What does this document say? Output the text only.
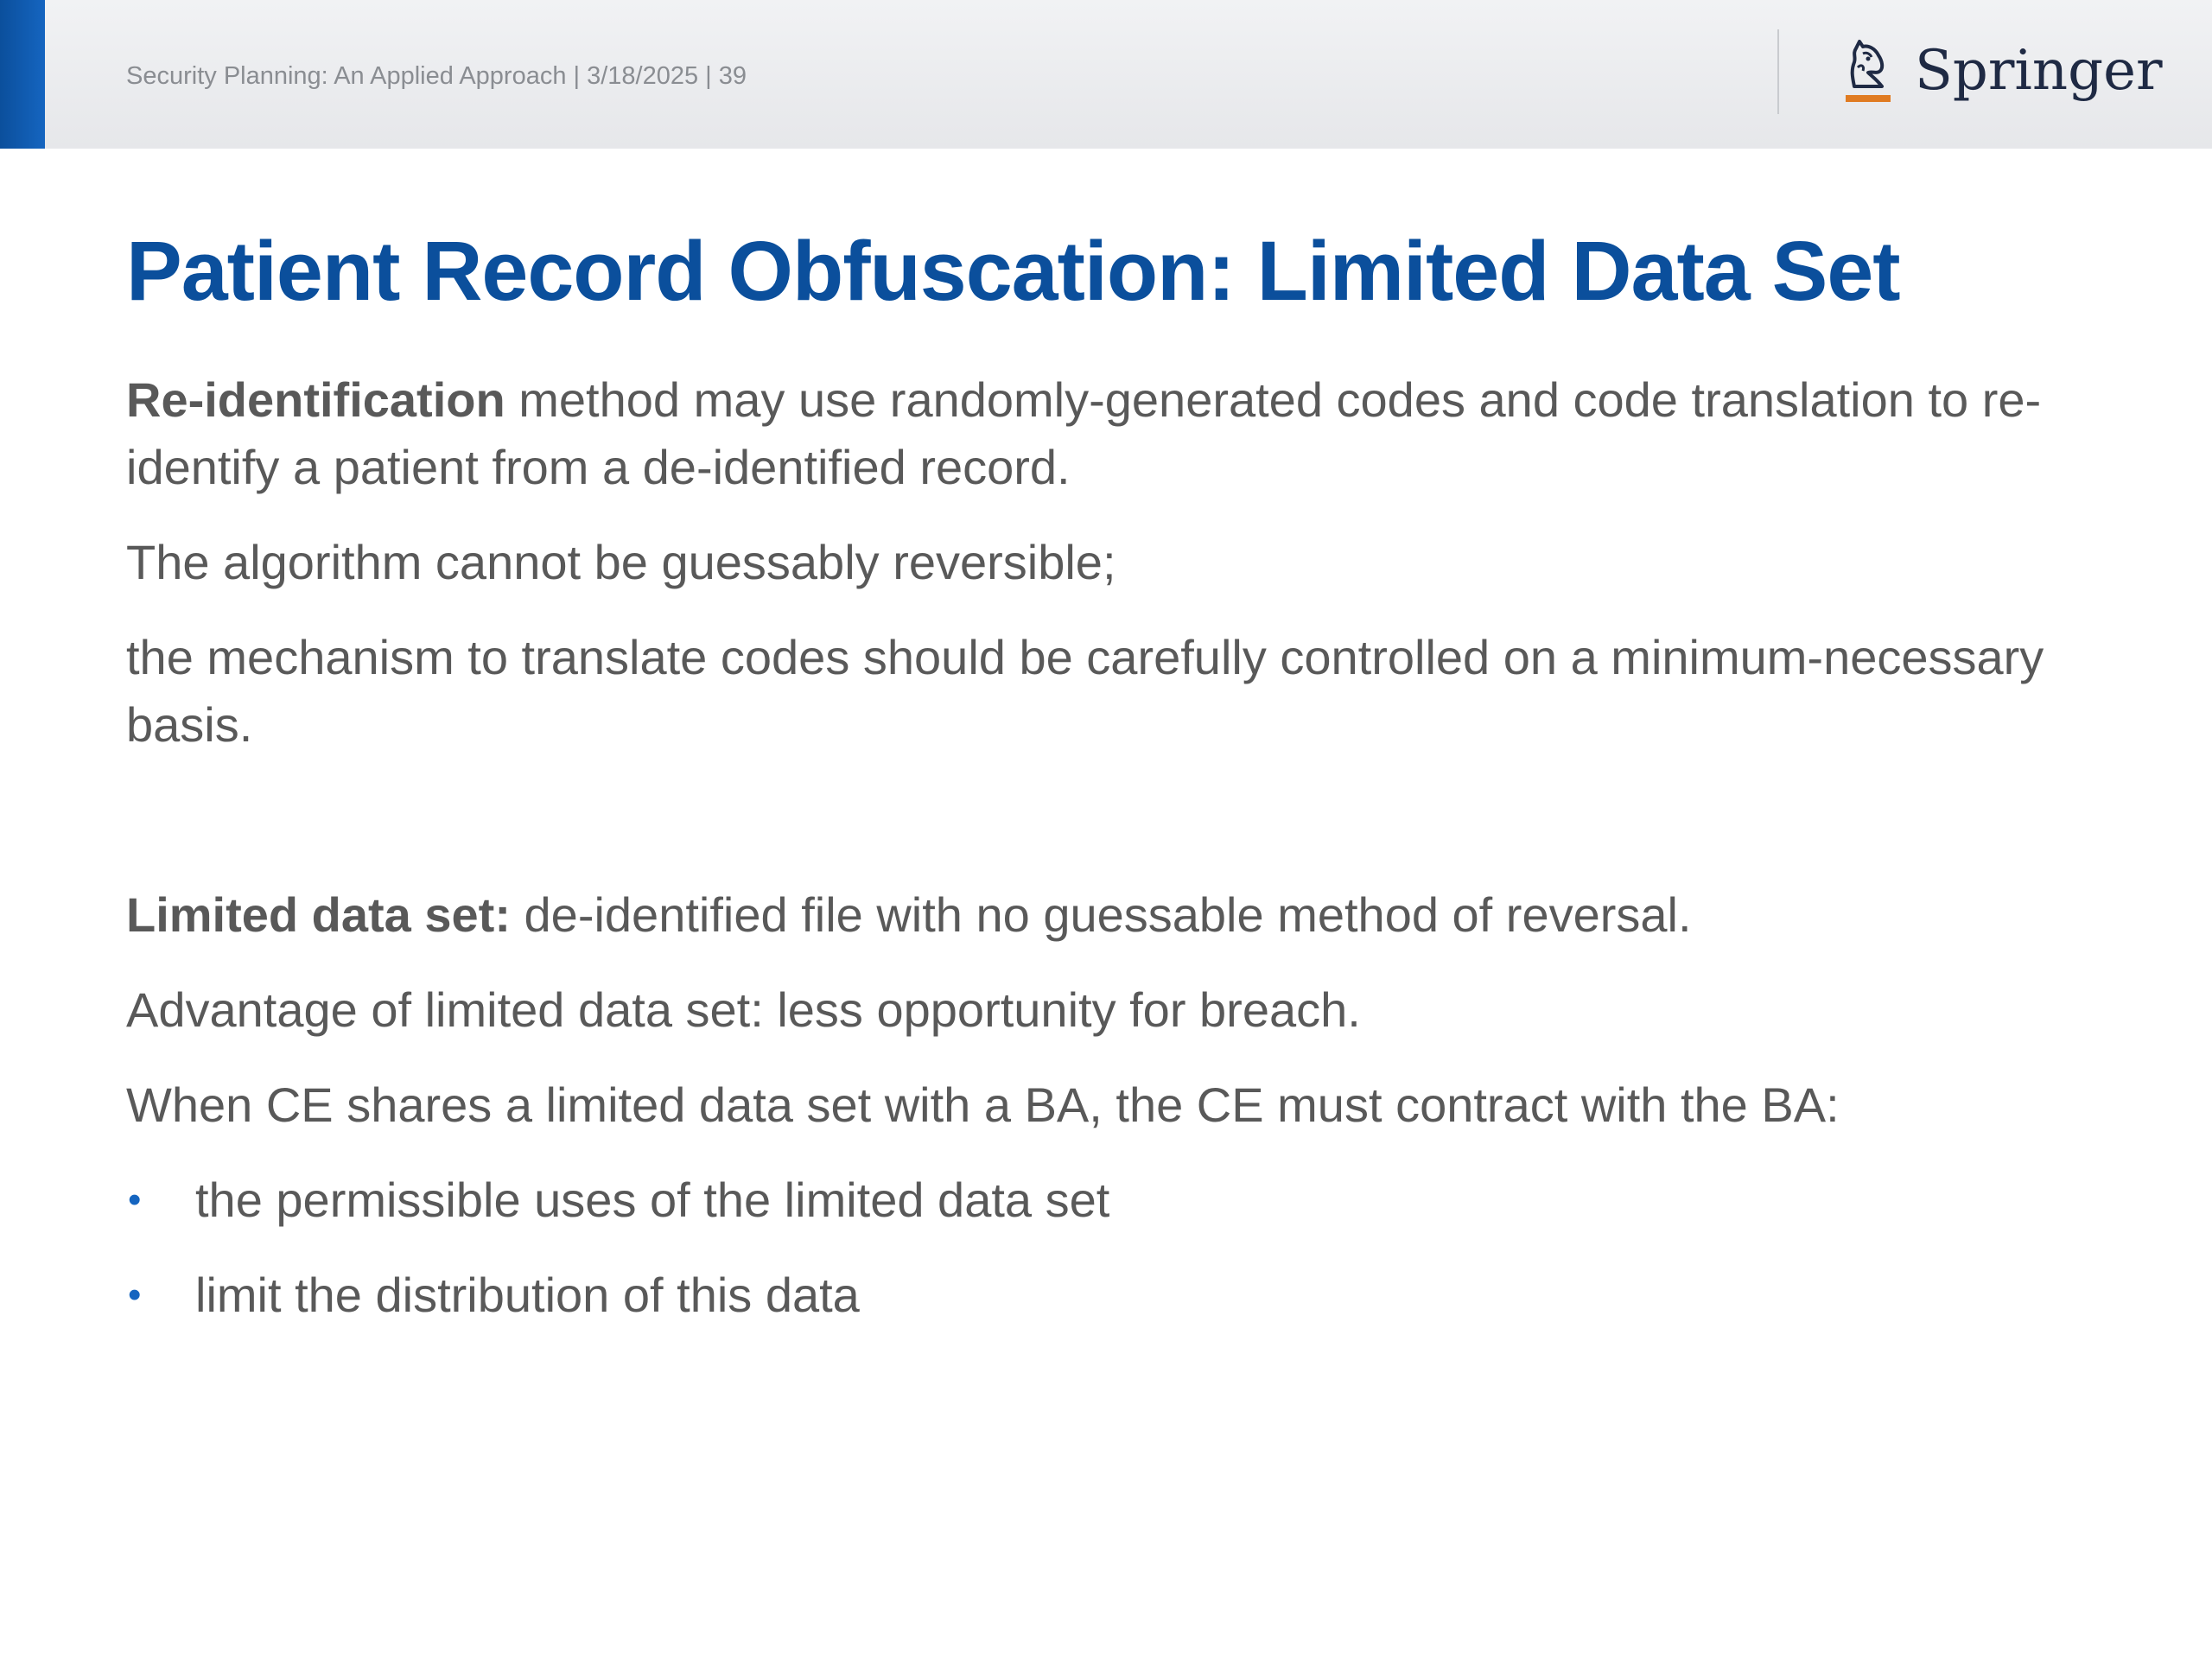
Security Planning: An Applied Approach | 3/18/2025 | 39	Springer
Patient Record Obfuscation: Limited Data Set

Re-identification method may use randomly-generated codes and code translation to re-identify a patient from a de-identified record.

The algorithm cannot be guessably reversible;

the mechanism to translate codes should be carefully controlled on a minimum-necessary basis.

Limited data set: de-identified file with no guessable method of reversal.

Advantage of limited data set: less opportunity for breach.

When CE shares a limited data set with a BA, the CE must contract with the BA:

• the permissible uses of the limited data set
• limit the distribution of this data
